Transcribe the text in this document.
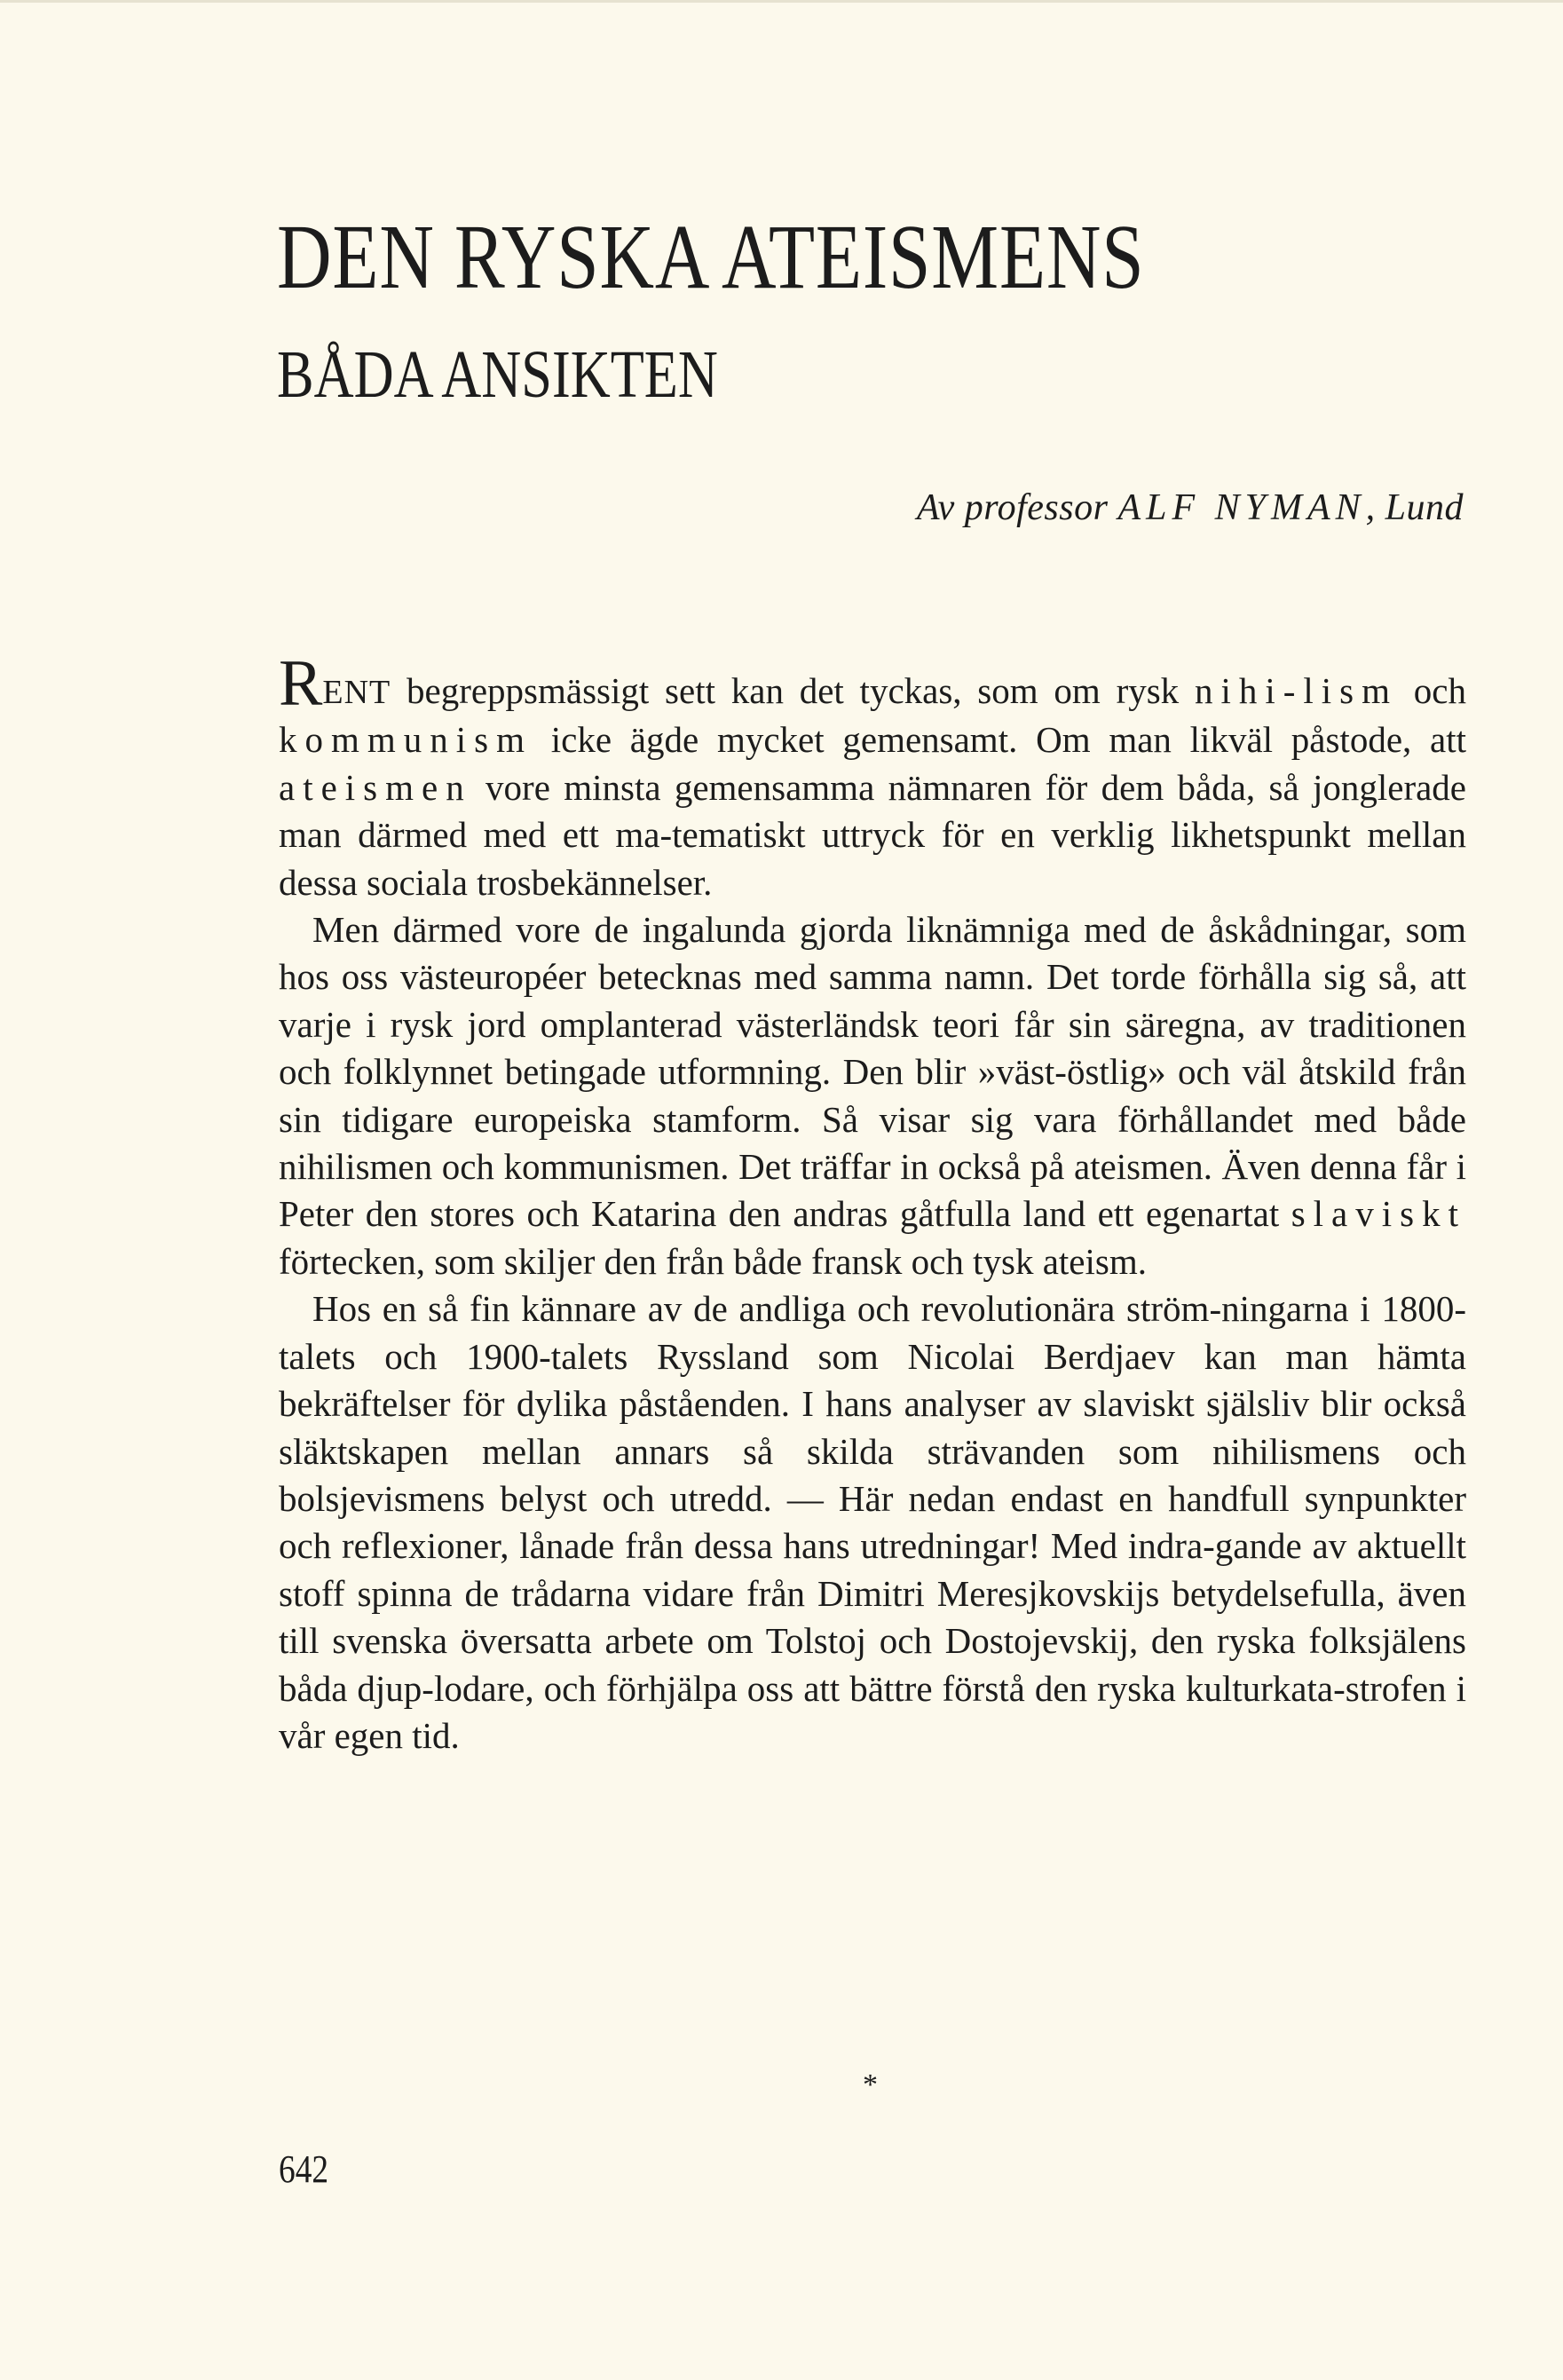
DEN RYSKA ATEISMENS
BÅDA ANSIKTEN
Av professor ALF NYMAN, Lund

RENT begreppsmässigt sett kan det tyckas, som om rysk nihi-lism och kommunism icke ägde mycket gemensamt. Om man likväl påstode, att ateismen vore minsta gemensamma nämnaren för dem båda, så jonglerade man därmed med ett ma-tematiskt uttryck för en verklig likhetspunkt mellan dessa sociala trosbekännelser.

Men därmed vore de ingalunda gjorda liknämniga med de åskådningar, som hos oss västeuropéer betecknas med samma namn. Det torde förhålla sig så, att varje i rysk jord omplanterad västerländsk teori får sin säregna, av traditionen och folklynnet betingade utformning. Den blir »väst-östlig» och väl åtskild från sin tidigare europeiska stamform. Så visar sig vara förhållandet med både nihilismen och kommunismen. Det träffar in också på ateismen. Även denna får i Peter den stores och Katarina den andras gåtfulla land ett egenartat slaviskt förtecken, som skiljer den från både fransk och tysk ateism.

Hos en så fin kännare av de andliga och revolutionära ström-ningarna i 1800-talets och 1900-talets Ryssland som Nicolai Berdjaev kan man hämta bekräftelser för dylika påståenden. I hans analyser av slaviskt själsliv blir också släktskapen mellan annars så skilda strävanden som nihilismens och bolsjevismens belyst och utredd. — Här nedan endast en handfull synpunkter och reflexioner, lånade från dessa hans utredningar! Med indra-gande av aktuellt stoff spinna de trådarna vidare från Dimitri Meresjkovskijs betydelsefulla, även till svenska översatta arbete om Tolstoj och Dostojevskij, den ryska folksjälens båda djup-lodare, och förhjälpa oss att bättre förstå den ryska kulturkata-strofen i vår egen tid.

*
642
